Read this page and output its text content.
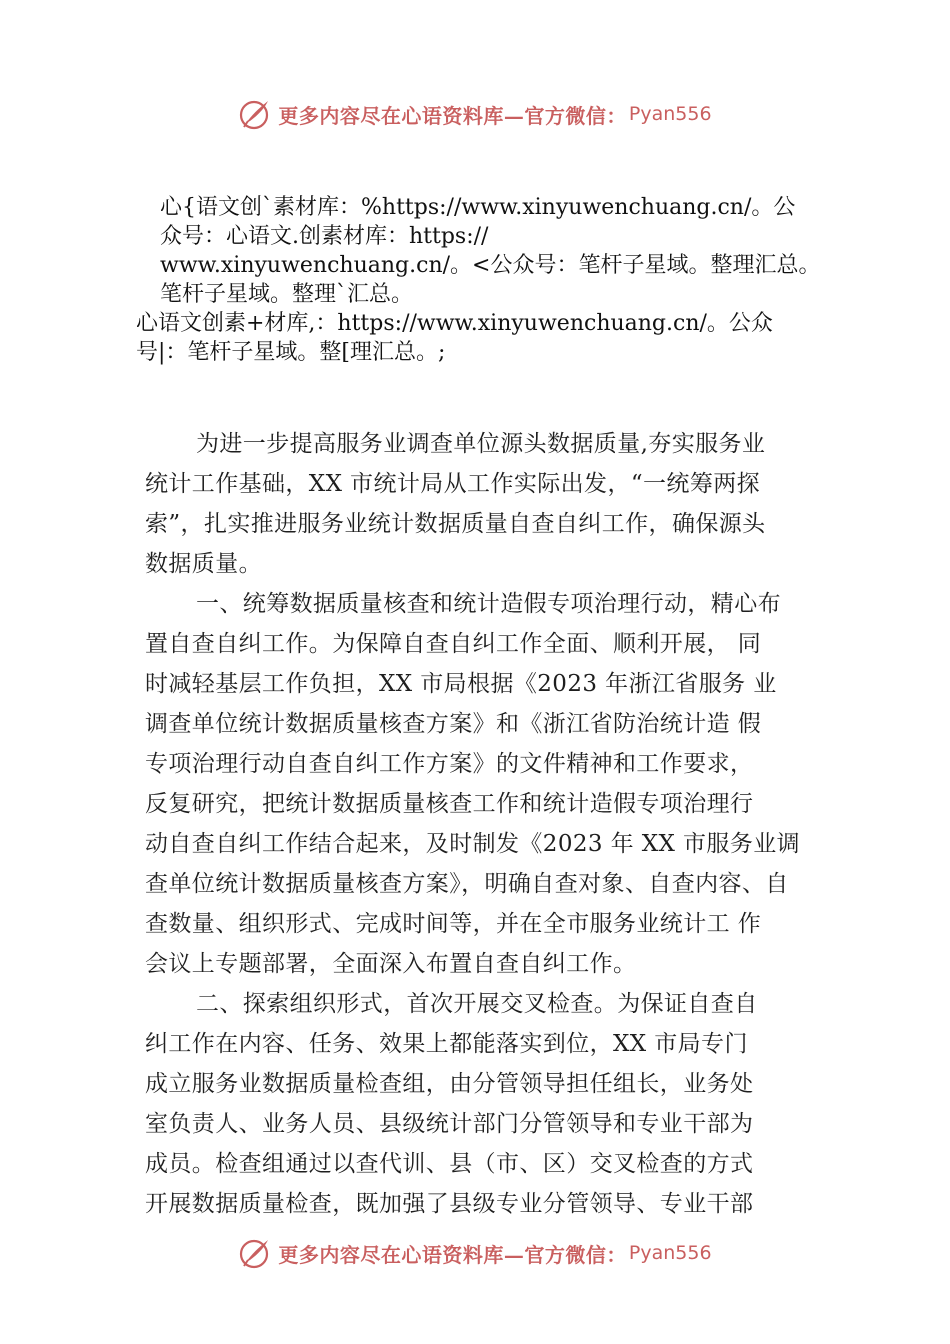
更多内容尽在心语资料库—官方微信： Pyan556
心{语文创`素材库：%https://www.xinyuwenchuang.cn/。公
众号：心语文.创素材库：https://
www.xinyuwenchuang.cn/。<公众号：笔杆子星域。整理汇总。
笔杆子星域。整理`汇总。
心语文创素+材库,：https://www.xinyuwenchuang.cn/。公众
号|：笔杆子星域。整[理汇总。;
为进一步提高服务业调查单位源头数据质量,夯实服务业
统计工作基础，XX 市统计局从工作实际出发，“一统筹两探
索”，扎实推进服务业统计数据质量自查自纠工作，确保源头
数据质量。
一、统筹数据质量核查和统计造假专项治理行动，精心布
置自查自纠工作。为保障自查自纠工作全面、顺利开展， 同
时减轻基层工作负担，XX 市局根据《2023 年浙江省服务 业
调查单位统计数据质量核查方案》和《浙江省防治统计造 假
专项治理行动自查自纠工作方案》的文件精神和工作要求，
反复研究，把统计数据质量核查工作和统计造假专项治理行
动自查自纠工作结合起来，及时制发《2023 年 XX 市服务业调
查单位统计数据质量核查方案》，明确自查对象、自查内容、自
查数量、组织形式、完成时间等，并在全市服务业统计工 作
会议上专题部署，全面深入布置自查自纠工作。
二、探索组织形式，首次开展交叉检查。为保证自查自
纠工作在内容、任务、效果上都能落实到位，XX 市局专门
成立服务业数据质量检查组，由分管领导担任组长，业务处
室负责人、业务人员、县级统计部门分管领导和专业干部为
成员。检查组通过以查代训、县（市、区）交叉检查的方式
开展数据质量检查，既加强了县级专业分管领导、专业干部
更多内容尽在心语资料库—官方微信： Pyan556
